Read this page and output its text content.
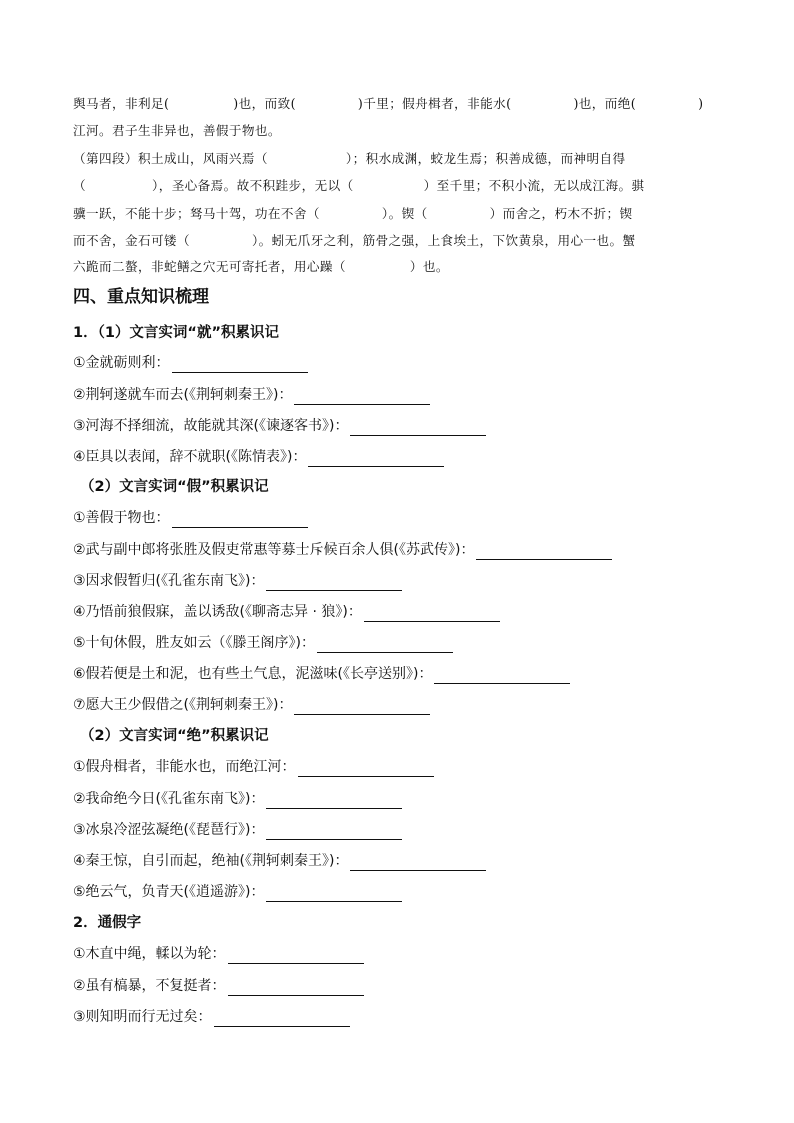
舆马者，非利足(	)也，而致(	)千里；假舟楫者，非能水(	)也，而绝(	)
江河。君子生非异也，善假于物也。
（第四段）积土成山，风雨兴焉（	）；积水成渊，蛟龙生焉；积善成德，而神明自得
（	），圣心备焉。故不积跬步，无以（	）至千里；不积小流，无以成江海。骐
骥一跃，不能十步；驽马十驾，功在不舍（	）。锲（	）而舍之，朽木不折；锲
而不舍，金石可镂（	）。蚓无爪牙之利，筋骨之强，上食埃土，下饮黄泉，用心一也。蟹
六跪而二螯，非蛇鳝之穴无可寄托者，用心躁（	）也。
四、重点知识梳理
1．（1）文言实词“就”积累识记
①金就砺则利：
②荆轲遂就车而去(《荆轲刺秦王》)：
③河海不择细流，故能就其深(《谏逐客书》)：
④臣具以表闻，辞不就职(《陈情表》)：
（2）文言实词“假”积累识记
①善假于物也：
②武与副中郎将张胜及假吏常惠等募士斥候百余人俱(《苏武传》)：
③因求假暂归(《孔雀东南飞》)：
④乃悟前狼假寐，盖以诱敌(《聊斋志异 · 狼》)：
⑤十旬休假，胜友如云（《滕王阁序》)：
⑥假若便是土和泥，也有些土气息，泥滋味(《长亭送别》)：
⑦愿大王少假借之(《荆轲刺秦王》)：
（2）文言实词“绝”积累识记
①假舟楫者，非能水也，而绝江河：
②我命绝今日(《孔雀东南飞》)：
③冰泉冷涩弦凝绝(《琵琶行》)：
④秦王惊，自引而起，绝袖(《荆轲刺秦王》)：
⑤绝云气，负青天(《逍遥游》)：
2．通假字
①木直中绳，輮以为轮：
②虽有槁暴，不复挺者：
③则知明而行无过矣：
